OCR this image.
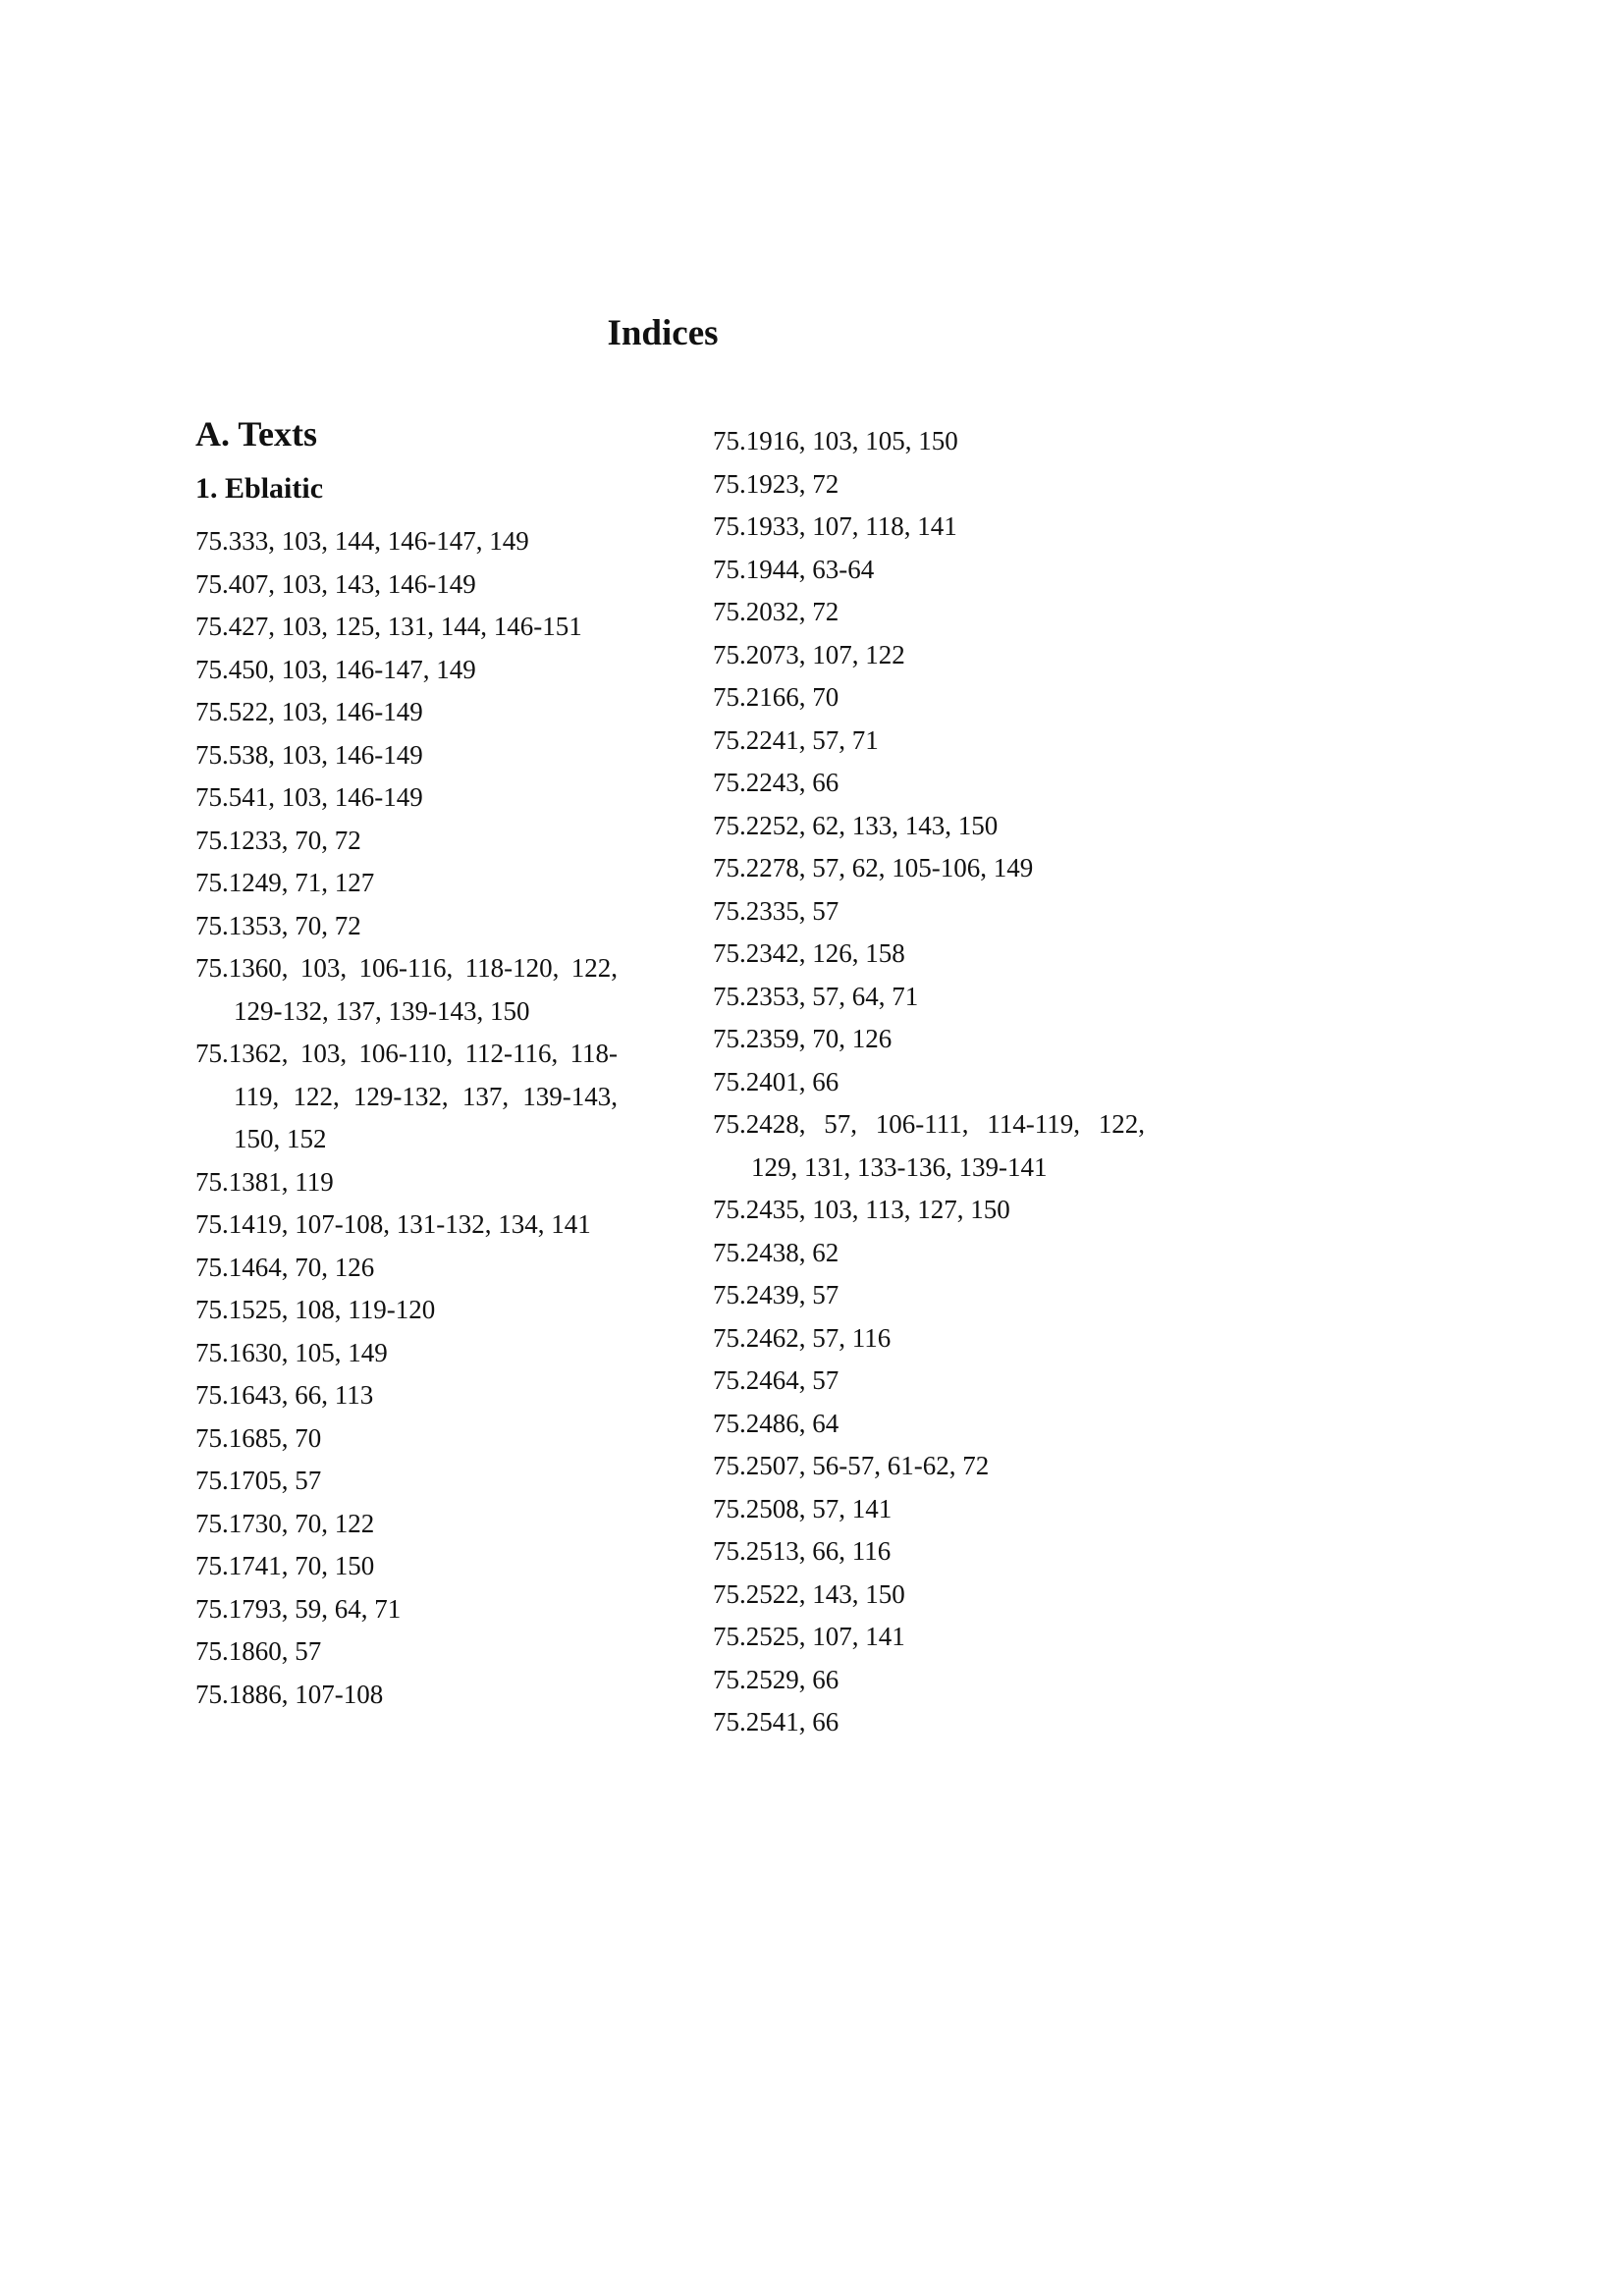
Indices
A. Texts
1. Eblaitic
75.333, 103, 144, 146-147, 149
75.407, 103, 143, 146-149
75.427, 103, 125, 131, 144, 146-151
75.450, 103, 146-147, 149
75.522, 103, 146-149
75.538, 103, 146-149
75.541, 103, 146-149
75.1233, 70, 72
75.1249, 71, 127
75.1353, 70, 72
75.1360, 103, 106-116, 118-120, 122, 129-132, 137, 139-143, 150
75.1362, 103, 106-110, 112-116, 118-119, 122, 129-132, 137, 139-143, 150, 152
75.1381, 119
75.1419, 107-108, 131-132, 134, 141
75.1464, 70, 126
75.1525, 108, 119-120
75.1630, 105, 149
75.1643, 66, 113
75.1685, 70
75.1705, 57
75.1730, 70, 122
75.1741, 70, 150
75.1793, 59, 64, 71
75.1860, 57
75.1886, 107-108
75.1916, 103, 105, 150
75.1923, 72
75.1933, 107, 118, 141
75.1944, 63-64
75.2032, 72
75.2073, 107, 122
75.2166, 70
75.2241, 57, 71
75.2243, 66
75.2252, 62, 133, 143, 150
75.2278, 57, 62, 105-106, 149
75.2335, 57
75.2342, 126, 158
75.2353, 57, 64, 71
75.2359, 70, 126
75.2401, 66
75.2428, 57, 106-111, 114-119, 122, 129, 131, 133-136, 139-141
75.2435, 103, 113, 127, 150
75.2438, 62
75.2439, 57
75.2462, 57, 116
75.2464, 57
75.2486, 64
75.2507, 56-57, 61-62, 72
75.2508, 57, 141
75.2513, 66, 116
75.2522, 143, 150
75.2525, 107, 141
75.2529, 66
75.2541, 66
